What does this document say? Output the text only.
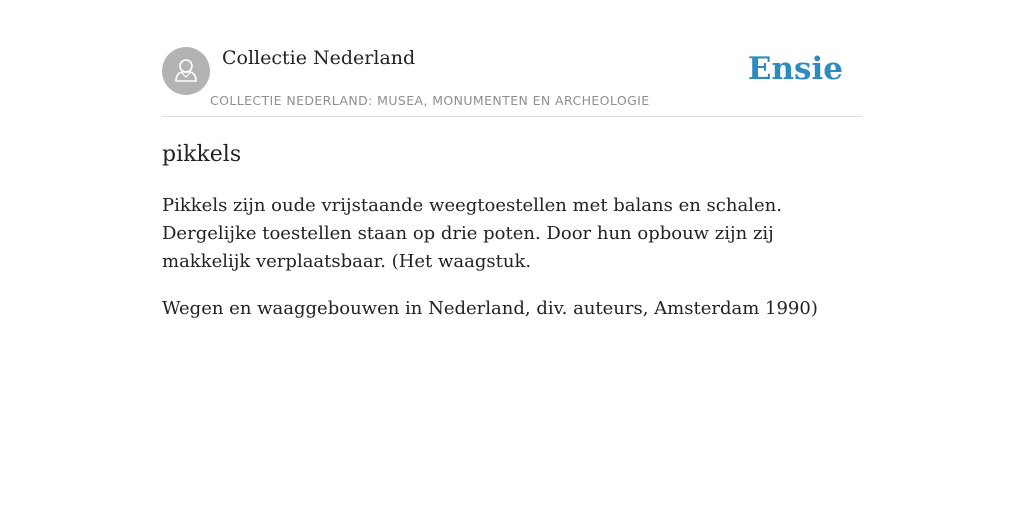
Collectie Nederland
COLLECTIE NEDERLAND: MUSEA, MONUMENTEN EN ARCHEOLOGIE
Ensie
pikkels

Pikkels zijn oude vrijstaande weegtoestellen met balans en schalen. Dergelijke toestellen staan op drie poten. Door hun opbouw zijn zij makkelijk verplaatsbaar. (Het waagstuk.

Wegen en waaggebouwen in Nederland, div. auteurs, Amsterdam 1990)
